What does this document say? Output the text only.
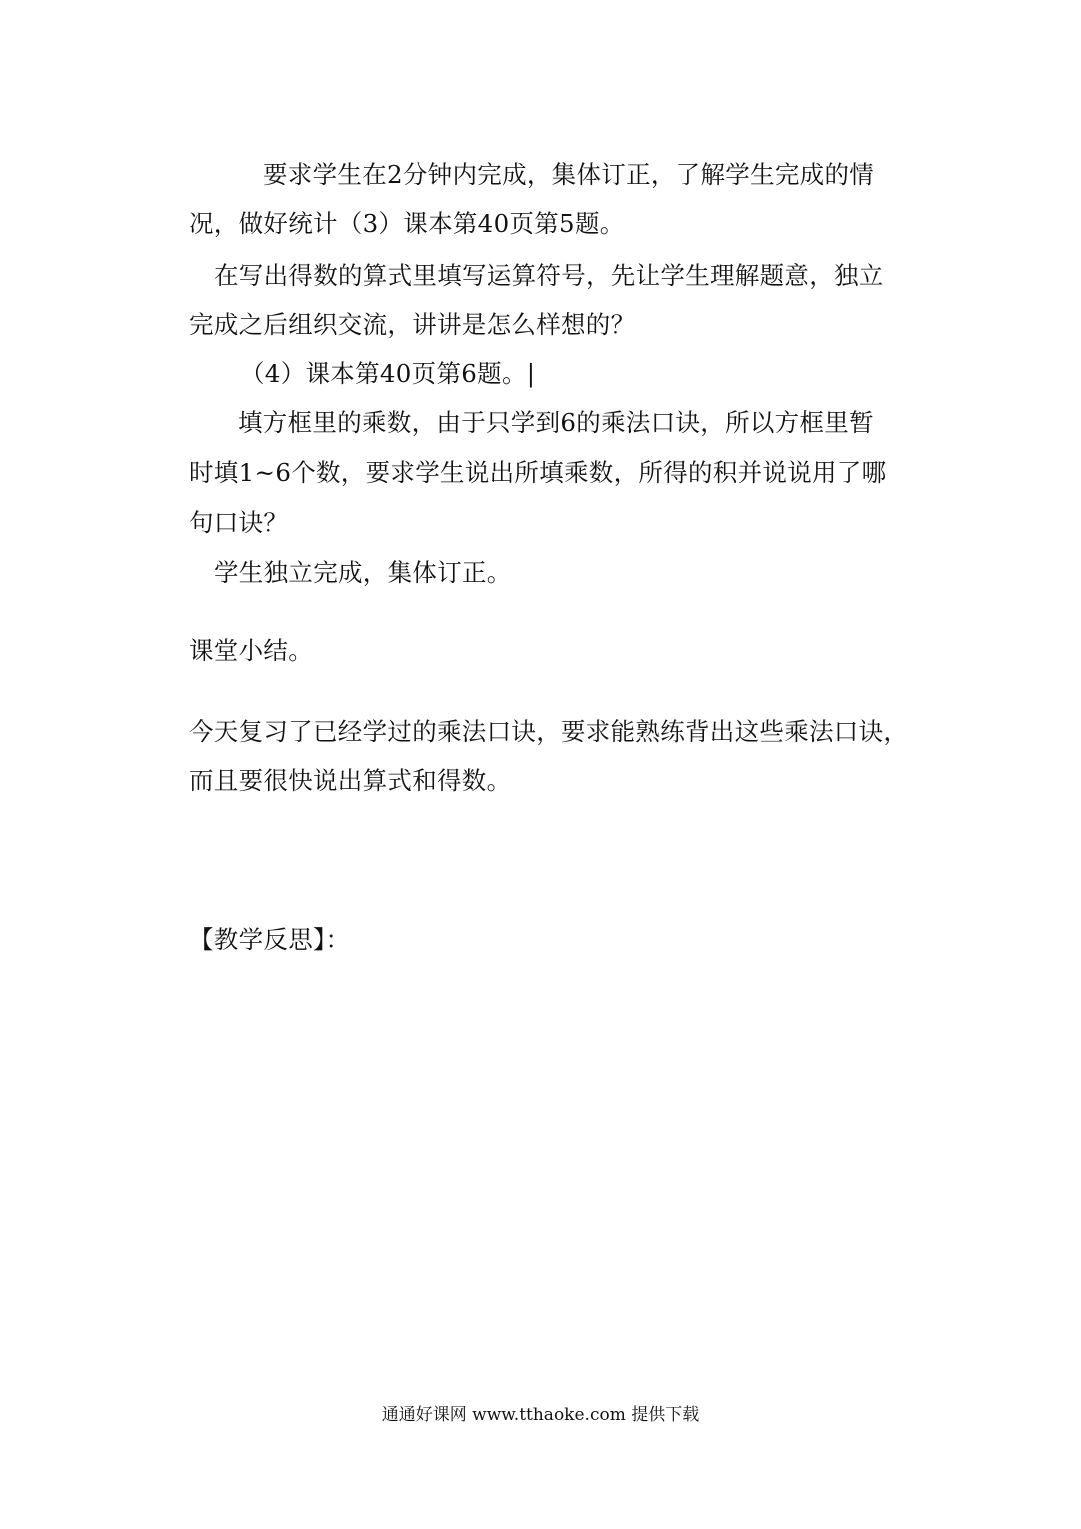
要求学生在2分钟内完成，集体订正，了解学生完成的情
况，做好统计（3）课本第40页第5题。
在写出得数的算式里填写运算符号，先让学生理解题意，独立
完成之后组织交流，讲讲是怎么样想的？
（4）课本第40页第6题。|
填方框里的乘数，由于只学到6的乘法口诀，所以方框里暂
时填1~6个数，要求学生说出所填乘数，所得的积并说说用了哪
句口诀？
学生独立完成，集体订正。
课堂小结。
今天复习了已经学过的乘法口诀，要求能熟练背出这些乘法口诀，
而且要很快说出算式和得数。
【教学反思】：
通通好课网 www.tthaoke.com 提供下载
